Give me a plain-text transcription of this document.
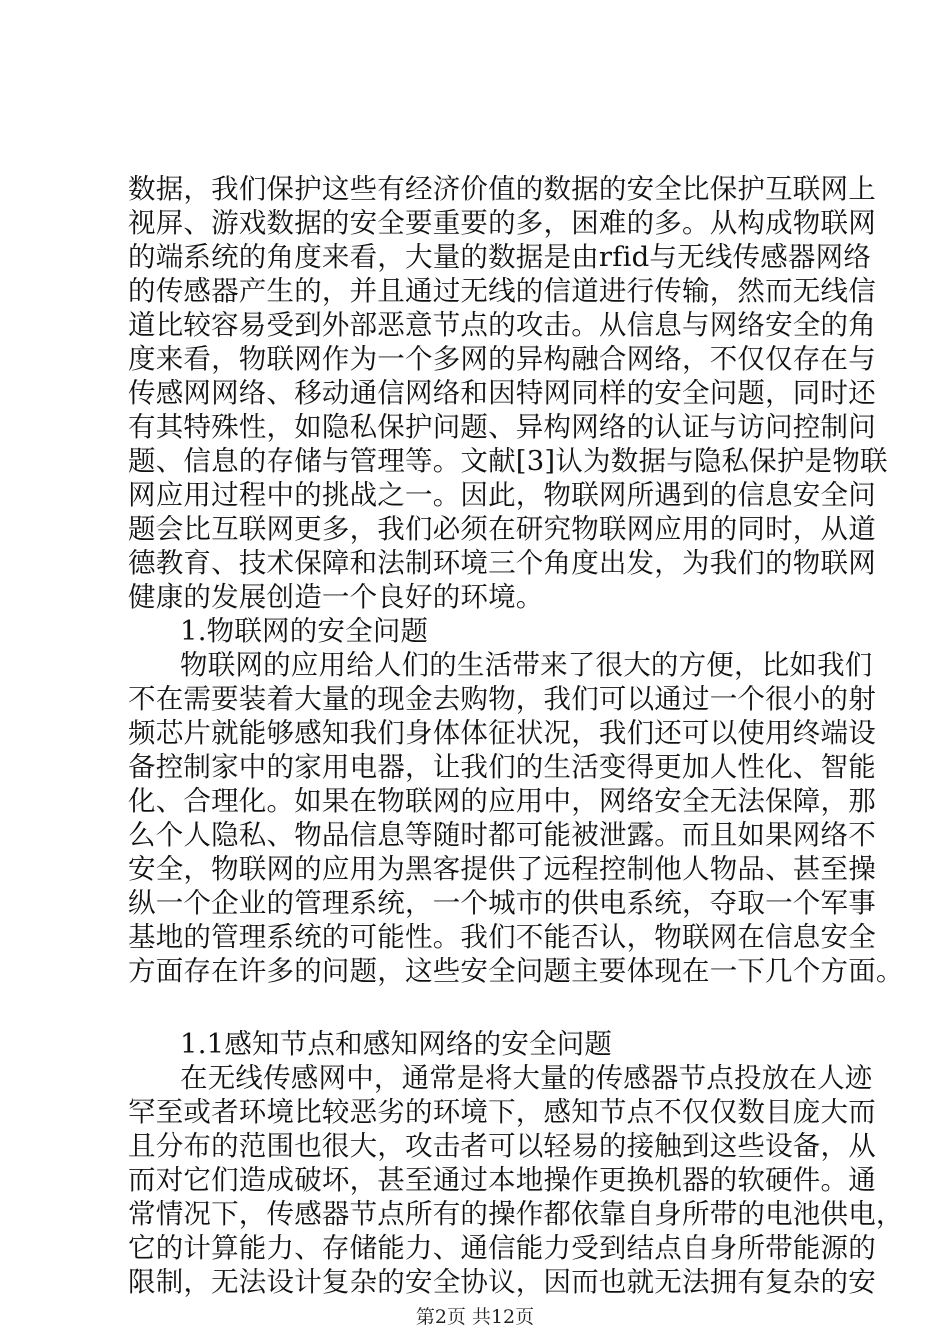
数据，我们保护这些有经济价值的数据的安全比保护互联网上
视屏、游戏数据的安全要重要的多，困难的多。从构成物联网
的端系统的角度来看，大量的数据是由rfid与无线传感器网络
的传感器产生的，并且通过无线的信道进行传输，然而无线信
道比较容易受到外部恶意节点的攻击。从信息与网络安全的角
度来看，物联网作为一个多网的异构融合网络，不仅仅存在与
传感网网络、移动通信网络和因特网同样的安全问题，同时还
有其特殊性，如隐私保护问题、异构网络的认证与访问控制问
题、信息的存储与管理等。文献[3]认为数据与隐私保护是物联
网应用过程中的挑战之一。因此，物联网所遇到的信息安全问
题会比互联网更多，我们必须在研究物联网应用的同时，从道
德教育、技术保障和法制环境三个角度出发，为我们的物联网
健康的发展创造一个良好的环境。
1.物联网的安全问题
物联网的应用给人们的生活带来了很大的方便，比如我们
不在需要装着大量的现金去购物，我们可以通过一个很小的射
频芯片就能够感知我们身体体征状况，我们还可以使用终端设
备控制家中的家用电器，让我们的生活变得更加人性化、智能
化、合理化。如果在物联网的应用中，网络安全无法保障，那
么个人隐私、物品信息等随时都可能被泄露。而且如果网络不
安全，物联网的应用为黑客提供了远程控制他人物品、甚至操
纵一个企业的管理系统，一个城市的供电系统，夺取一个军事
基地的管理系统的可能性。我们不能否认，物联网在信息安全
方面存在许多的问题，这些安全问题主要体现在一下几个方面。
1.1感知节点和感知网络的安全问题
在无线传感网中，通常是将大量的传感器节点投放在人迹
罕至或者环境比较恶劣的环境下，感知节点不仅仅数目庞大而
且分布的范围也很大，攻击者可以轻易的接触到这些设备，从
而对它们造成破坏，甚至通过本地操作更换机器的软硬件。通
常情况下，传感器节点所有的操作都依靠自身所带的电池供电，
它的计算能力、存储能力、通信能力受到结点自身所带能源的
限制，无法设计复杂的安全协议，因而也就无法拥有复杂的安
第2页 共12页
